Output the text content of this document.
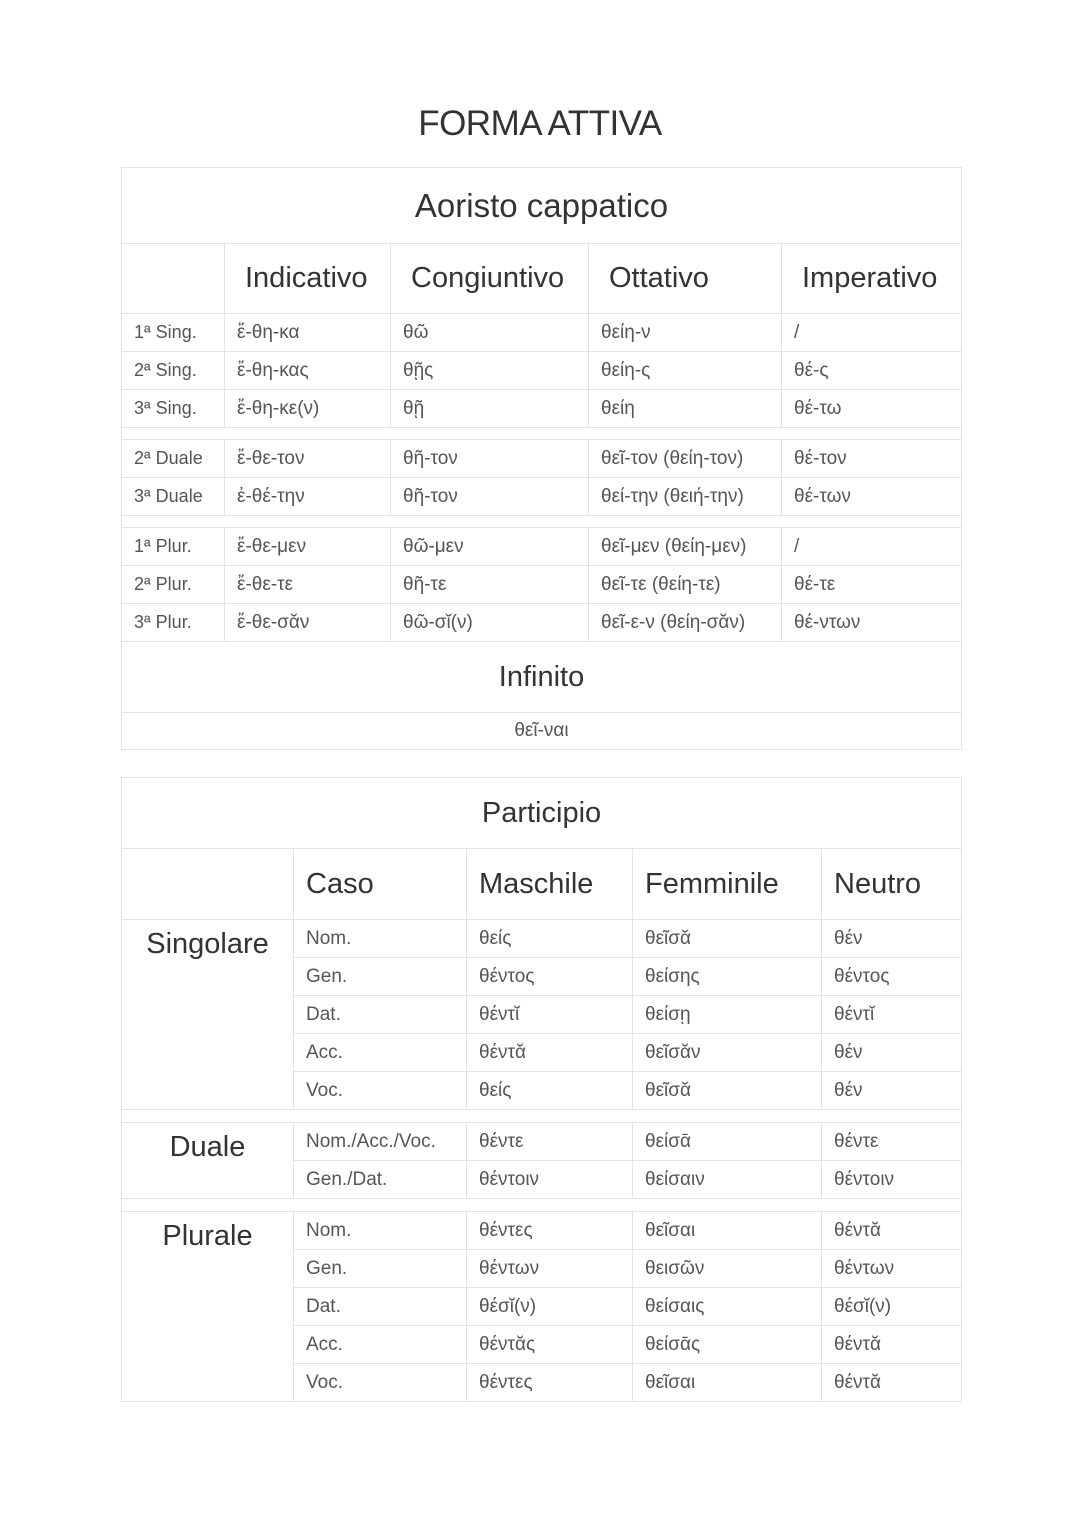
FORMA ATTIVA
Aoristo cappatico				
	Indicativo	Congiuntivo	Ottativo	Imperativo
1ª Sing.	ἔ-θη-κα	θῶ	θείη-ν	/
2ª Sing.	ἔ-θη-κας	θῇς	θείη-ς	θέ-ς
3ª Sing.	ἔ-θη-κε(ν)	θῇ	θείη	θέ-τω

2ª Duale	ἔ-θε-τον	θῆ-τον	θεῖ-τον (θείη-τον)	θέ-τον
3ª Duale	ἐ-θέ-την	θῆ-τον	θεί-την (θειή-την)	θέ-των

1ª Plur.	ἔ-θε-μεν	θῶ-μεν	θεῖ-μεν (θείη-μεν)	/
2ª Plur.	ἔ-θε-τε	θῆ-τε	θεῖ-τε (θείη-τε)	θέ-τε
3ª Plur.	ἔ-θε-σᾰν	θῶ-σῐ(ν)	θεῖ-ε-ν (θείη-σᾰν)	θέ-ντων
Infinito				
θεῖ-ναι				
Participio				
	Caso	Maschile	Femminile	Neutro
Singolare	Nom.	θείς	θεῖσᾰ	θέν
	Gen.	θέντος	θείσης	θέντος
	Dat.	θέντῐ	θείσῃ	θέντῐ
	Acc.	θέντᾰ	θεῖσᾰν	θέν
	Voc.	θείς	θεῖσᾰ	θέν

Duale	Nom./Acc./Voc.	θέντε	θείσᾱ	θέντε
	Gen./Dat.	θέντοιν	θείσαιν	θέντοιν

Plurale	Nom.	θέντες	θεῖσαι	θέντᾰ
	Gen.	θέντων	θεισῶν	θέντων
	Dat.	θέσῐ(ν)	θείσαις	θέσῐ(ν)
	Acc.	θέντᾰς	θείσᾱς	θέντᾰ
	Voc.	θέντες	θεῖσαι	θέντᾰ
